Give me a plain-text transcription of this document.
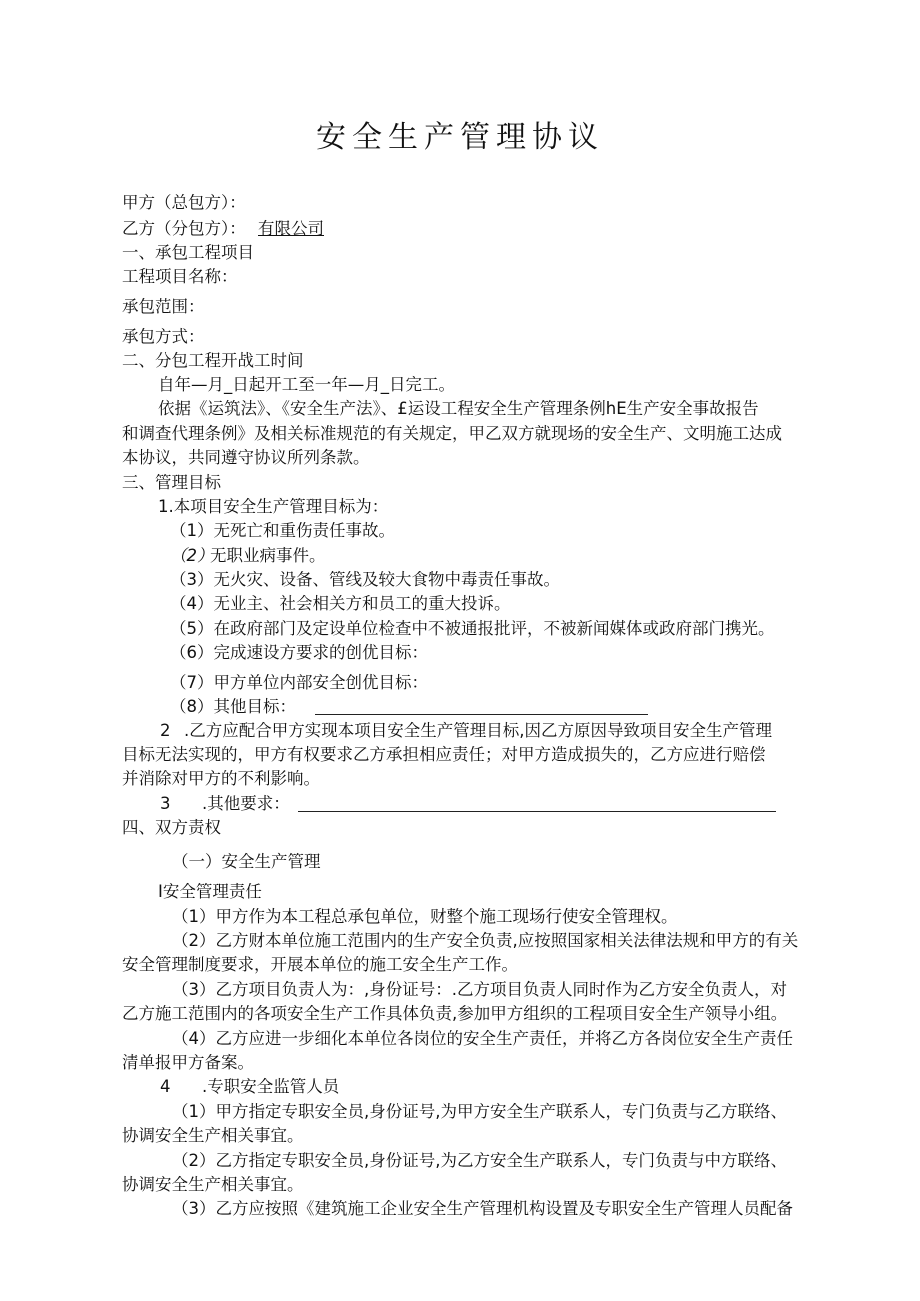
安全生产管理协议
甲方（总包方）：
乙方（分包方）： 有限公司
一、承包工程项目
工程项目名称：
承包范围：
承包方式：
二、分包工程开战工时间
自年—月_日起开工至一年—月_日完工。
依据《运筑法》、《安全生产法》、£运设工程安全生产管理条例hE生产安全事故报告
和调查代理条例》及相关标准规范的有关规定，甲乙双方就现场的安全生产、文明施工达成
本协议，共同遵守协议所列条款。
三、管理目标
1.本项目安全生产管理目标为：
（1）无死亡和重伤责任事故。
（2）
无职业病事件。
（3）无火灾、设备、管线及较大食物中毒责任事故。
（4）无业主、社会相关方和员工的重大投诉。
（5）在政府部门及定设单位检查中不被通报批评，不被新闻媒体或政府部门携光。
（6）完成速设方要求的创优目标：
（7）甲方单位内部安全创优目标：
（8）其他目标：
2 .乙方应配合甲方实现本项目安全生产管理目标,因乙方原因导致项目安全生产管理
目标无法实现的，甲方有权要求乙方承担相应责任；对甲方造成损失的，乙方应进行赔偿
并消除对甲方的不利影响。
3 .其他要求：
四、双方责权
（一）安全生产管理
I安全管理责任
（1）甲方作为本工程总承包单位，财整个施工现场行使安全管理权。
（2）乙方财本单位施工范围内的生产安全负责,应按照国家相关法律法规和甲方的有关
安全管理制度要求，开展本单位的施工安全生产工作。
（3）乙方项目负责人为：,身份证号：.乙方项目负责人同时作为乙方安全负责人，对
乙方施工范围内的各项安全生产工作具体负责,参加甲方组织的工程项目安全生产领导小组。
（4）乙方应进一步细化本单位各岗位的安全生产责任，并将乙方各岗位安全生产责任
清单报甲方备案。
4 .专职安全监管人员
（1）甲方指定专职安全员,身份证号,为甲方安全生产联系人，专门负责与乙方联络、
协调安全生产相关事宜。
（2）乙方指定专职安全员,身份证号,为乙方安全生产联系人，专门负责与中方联络、
协调安全生产相关事宜。
（3）乙方应按照《建筑施工企业安全生产管理机构设置及专职安全生产管理人员配备
